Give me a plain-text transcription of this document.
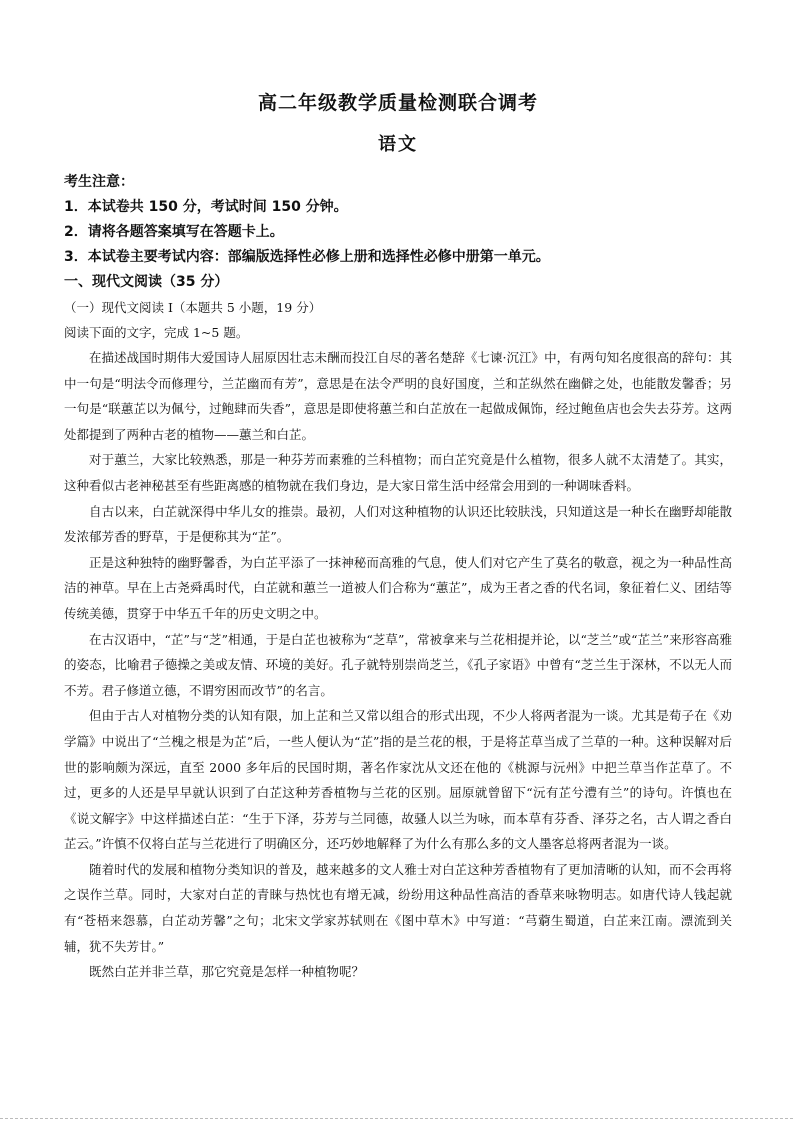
高二年级教学质量检测联合调考
语文

考生注意：

1．本试卷共 150 分，考试时间 150 分钟。

2．请将各题答案填写在答题卡上。

3．本试卷主要考试内容：部编版选择性必修上册和选择性必修中册第一单元。

一、现代文阅读（35 分）

（一）现代文阅读 I（本题共 5 小题，19 分）

阅读下面的文字，完成 1~5 题。

在描述战国时期伟大爱国诗人屈原因壮志未酬而投江自尽的著名楚辞《七谏·沉江》中，有两句知名度很高的辞句：其中一句是“明法令而修理兮，兰芷幽而有芳”，意思是在法令严明的良好国度，兰和芷纵然在幽僻之处，也能散发馨香；另一句是“联蕙芷以为佩兮，过鲍肆而失香”，意思是即使将蕙兰和白芷放在一起做成佩饰，经过鲍鱼店也会失去芬芳。这两处都提到了两种古老的植物——蕙兰和白芷。

对于蕙兰，大家比较熟悉，那是一种芬芳而素雅的兰科植物；而白芷究竟是什么植物，很多人就不太清楚了。其实，这种看似古老神秘甚至有些距离感的植物就在我们身边，是大家日常生活中经常会用到的一种调味香料。

自古以来，白芷就深得中华儿女的推崇。最初，人们对这种植物的认识还比较肤浅，只知道这是一种长在幽野却能散发浓郁芳香的野草，于是便称其为“芷”。

正是这种独特的幽野馨香，为白芷平添了一抹神秘而高雅的气息，使人们对它产生了莫名的敬意，视之为一种品性高洁的神草。早在上古尧舜禹时代，白芷就和蕙兰一道被人们合称为“蕙芷”，成为王者之香的代名词，象征着仁义、团结等传统美德，贯穿于中华五千年的历史文明之中。

在古汉语中，“芷”与“芝”相通，于是白芷也被称为“芝草”，常被拿来与兰花相提并论，以“芝兰”或“芷兰”来形容高雅的姿态，比喻君子德操之美或友情、环境的美好。孔子就特别崇尚芝兰，《孔子家语》中曾有“芝兰生于深林，不以无人而不芳。君子修道立德，不谓穷困而改节”的名言。

但由于古人对植物分类的认知有限，加上芷和兰又常以组合的形式出现，不少人将两者混为一谈。尤其是荀子在《劝学篇》中说出了“兰槐之根是为芷”后，一些人便认为“芷”指的是兰花的根，于是将芷草当成了兰草的一种。这种误解对后世的影响颇为深远，直至 2000 多年后的民国时期，著名作家沈从文还在他的《桃源与沅州》中把兰草当作芷草了。不过，更多的人还是早早就认识到了白芷这种芳香植物与兰花的区别。屈原就曾留下“沅有芷兮澧有兰”的诗句。许慎也在《说文解字》中这样描述白芷：“生于下泽，芬芳与兰同德，故骚人以兰为咏，而本草有芬香、泽芬之名，古人谓之香白芷云。”许慎不仅将白芷与兰花进行了明确区分，还巧妙地解释了为什么有那么多的文人墨客总将两者混为一谈。

随着时代的发展和植物分类知识的普及，越来越多的文人雅士对白芷这种芳香植物有了更加清晰的认知，而不会再将之误作兰草。同时，大家对白芷的青睐与热忱也有增无减，纷纷用这种品性高洁的香草来咏物明志。如唐代诗人钱起就有“苍梧来怨慕，白芷动芳馨”之句；北宋文学家苏轼则在《图中草木》中写道：“芎藭生蜀道，白芷来江南。漂流到关辅，犹不失芳甘。”

既然白芷并非兰草，那它究竟是怎样一种植物呢？
